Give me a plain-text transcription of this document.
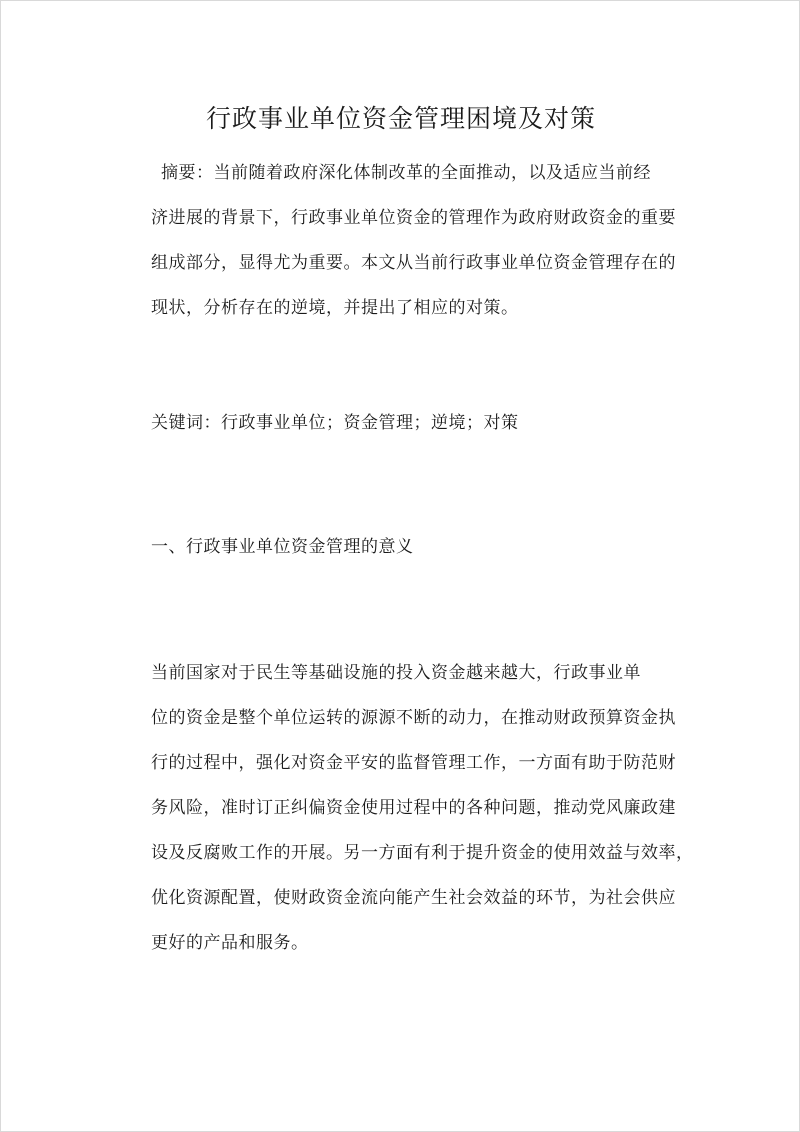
行政事业单位资金管理困境及对策
摘要：当前随着政府深化体制改革的全面推动，以及适应当前经
济进展的背景下，行政事业单位资金的管理作为政府财政资金的重要
组成部分，显得尤为重要。本文从当前行政事业单位资金管理存在的
现状，分析存在的逆境，并提出了相应的对策。
关键词：行政事业单位；资金管理；逆境；对策
一、行政事业单位资金管理的意义
当前国家对于民生等基础设施的投入资金越来越大，行政事业单
位的资金是整个单位运转的源源不断的动力，在推动财政预算资金执
行的过程中，强化对资金平安的监督管理工作，一方面有助于防范财
务风险，准时订正纠偏资金使用过程中的各种问题，推动党风廉政建
设及反腐败工作的开展。另一方面有利于提升资金的使用效益与效率，
优化资源配置，使财政资金流向能产生社会效益的环节，为社会供应
更好的产品和服务。
